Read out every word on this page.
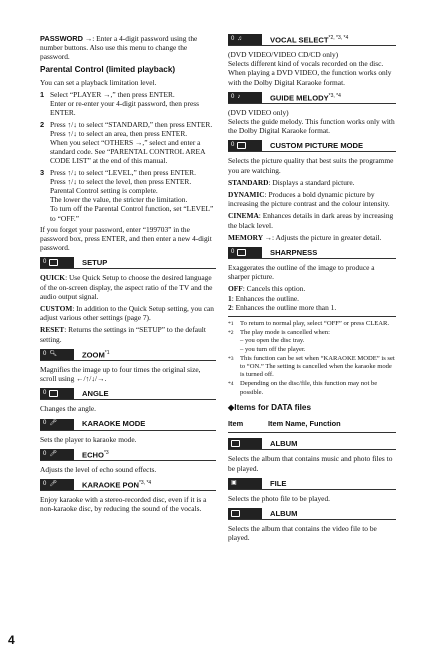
PASSWORD →: Enter a 4-digit password using the number buttons. Also use this menu to change the password.

Parental Control (limited playback)

You can set a playback limitation level.

1 Select “PLAYER →,” then press ENTER.
Enter or re-enter your 4-digit password, then press ENTER.
2 Press ↑/↓ to select “STANDARD,” then press ENTER.
Press ↑/↓ to select an area, then press ENTER.
When you select “OTHERS →,” select and enter a standard code. See “PARENTAL CONTROL AREA CODE LIST” at the end of this manual.
3 Press ↑/↓ to select “LEVEL,” then press ENTER.
Press ↑/↓ to select the level, then press ENTER.
Parental Control setting is complete.
The lower the value, the stricter the limitation.
To turn off the Parental Control function, set “LEVEL” to “OFF.”

If you forget your password, enter “199703” in the password box, press ENTER, and then enter a new 4-digit password.

0	SETUP

QUICK: Use Quick Setup to choose the desired language of the on-screen display, the aspect ratio of the TV and the audio output signal.

CUSTOM: In addition to the Quick Setup setting, you can adjust various other settings (page 7).

RESET: Returns the settings in “SETUP” to the default setting.

0 🔍︎	ZOOM$^{*1}$

Magnifies the image up to four times the original size, scroll using ←/↑/↓/→.

0	ANGLE

Changes the angle.

0 🎤︎	KARAOKE MODE

Sets the player to karaoke mode.

0 🎤︎	ECHO$^{*3}$

Adjusts the level of echo sound effects.

0 🎤︎	KARAOKE $PON^{*3, *4}$

Enjoy karaoke with a stereo-recorded disc, even if it is a non-karaoke disc, by reducing the sound of the vocals.

0 ♫	VOCAL $SELECT^{*2, *3, *4}$

(DVD VIDEO/VIDEO CD/CD only)
Selects different kind of vocals recorded on the disc. When playing a DVD VIDEO, the function works only with the Dolby Digital Karaoke format.

0 ♪	GUIDE $MELODY^{*3, *4}$

(DVD VIDEO only)
Selects the guide melody. This function works only with the Dolby Digital Karaoke format.

0	CUSTOM PICTURE MODE

Selects the picture quality that best suits the programme you are watching.

STANDARD: Displays a standard picture.

DYNAMIC: Produces a bold dynamic picture by increasing the picture contrast and the colour intensity.

CINEMA: Enhances details in dark areas by increasing the black level.

MEMORY →: Adjusts the picture in greater detail.

0	SHARPNESS

Exaggerates the outline of the image to produce a sharper picture.

OFF: Cancels this option.

1: Enhances the outline.

2: Enhances the outline more than 1.

*1 To return to normal play, select “OFF” or press CLEAR.
*2 The play mode is cancelled when:
– you open the disc tray.
– you turn off the player.
*3 This function can be set when “KARAOKE MODE” is set to “ON.” The setting is cancelled when the karaoke mode is turned off.
*4 Depending on the disc/file, this function may not be possible.
◆Items for DATA files
Item	Item Name, Function
ALBUM

Selects the album that contains music and photo files to be played.

▣	FILE

Selects the photo file to be played.

ALBUM

Selects the album that contains the video file to be played.

4
